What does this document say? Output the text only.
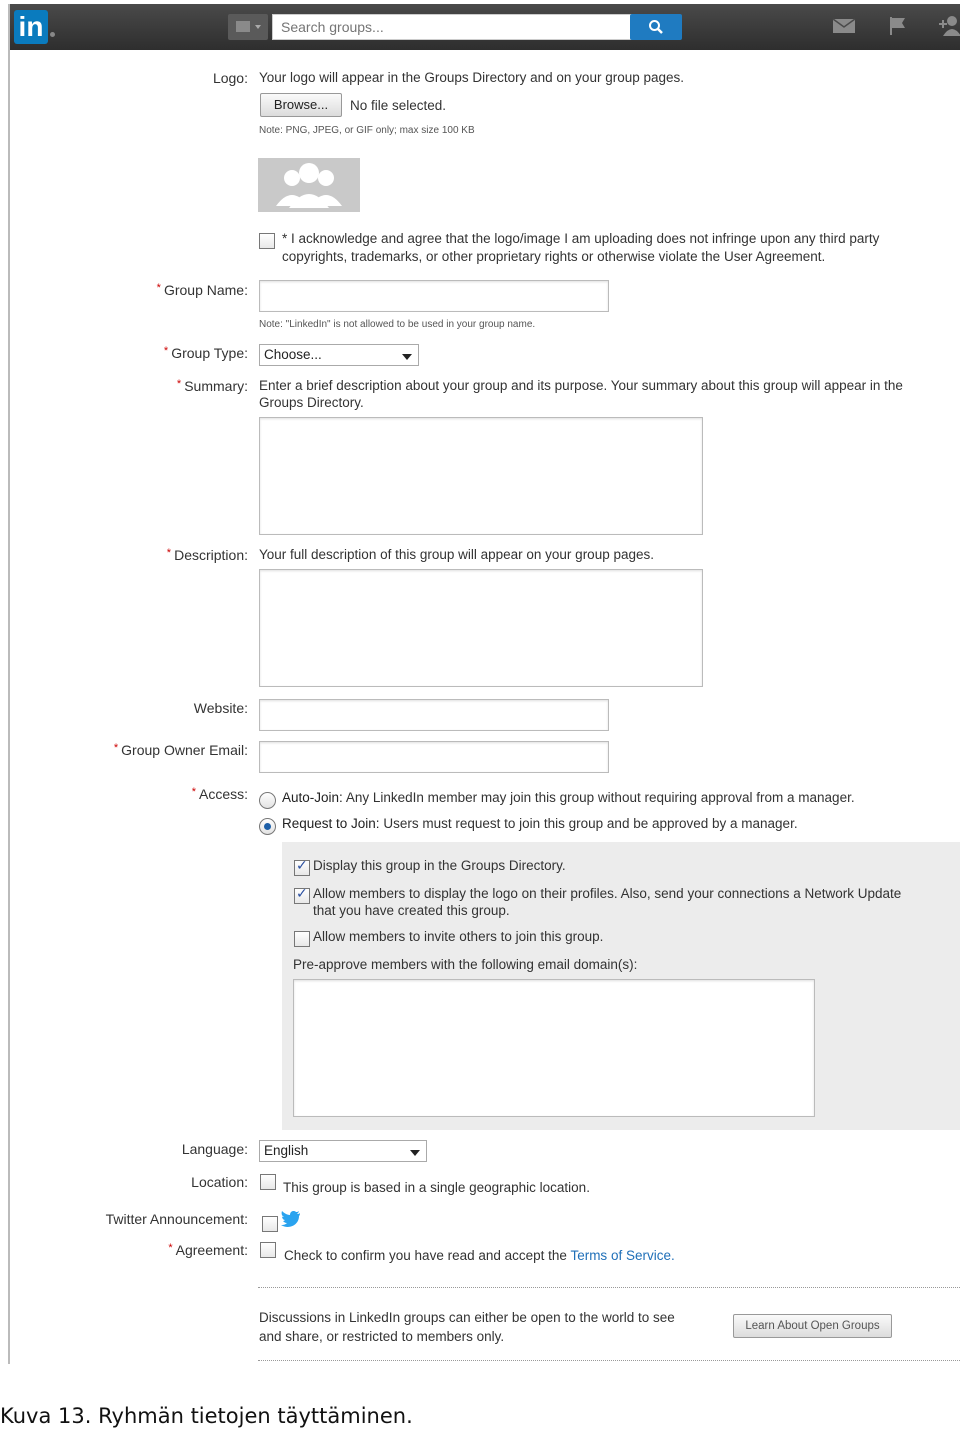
in
Search groups...
Logo: Your logo will appear in the Groups Directory and on your group pages.
Browse...	No file selected.
Note: PNG, JPEG, or GIF only; max size 100 KB
* I acknowledge and agree that the logo/image I am uploading does not infringe upon any third party
copyrights, trademarks, or other proprietary rights or otherwise violate the User Agreement.
* Group Name:
Note: "LinkedIn" is not allowed to be used in your group name.
* Group Type:	Choose...
* Summary: Enter a brief description about your group and its purpose. Your summary about this group will appear in the
Groups Directory.
* Description: Your full description of this group will appear on your group pages.
Website:
* Group Owner Email:
* Access:	Auto-Join: Any LinkedIn member may join this group without requiring approval from a manager.
Request to Join: Users must request to join this group and be approved by a manager.
✓
Display this group in the Groups Directory.
✓
Allow members to display the logo on their profiles. Also, send your connections a Network Update
that you have created this group.
Allow members to invite others to join this group.
Pre-approve members with the following email domain(s):
Language:	English
Location:	This group is based in a single geographic location.
Twitter Announcement:
* Agreement:	Check to confirm you have read and accept the Terms of Service.
Discussions in LinkedIn groups can either be open to the world to see
and share, or restricted to members only.
Learn About Open Groups
Kuva 13. Ryhmän tietojen täyttäminen.
